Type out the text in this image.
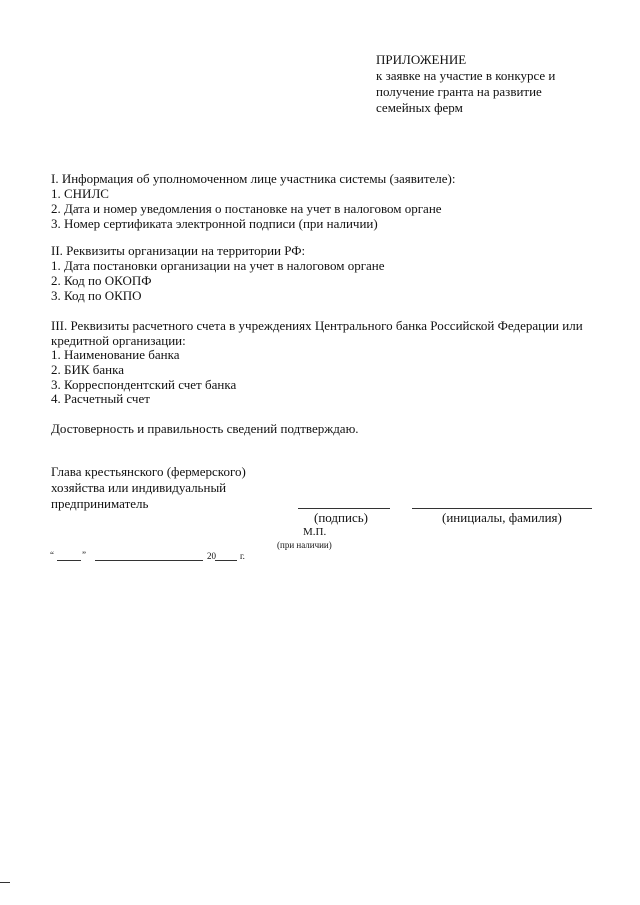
ПРИЛОЖЕНИЕ
к заявке на участие в конкурсе и
получение гранта на развитие
семейных ферм
I. Информация об уполномоченном лице участника системы (заявителе):
1. СНИЛС
2. Дата и номер уведомления о постановке на учет в налоговом органе
3. Номер сертификата электронной подписи (при наличии)
II. Реквизиты организации на территории РФ:
1. Дата постановки организации на учет в налоговом органе
2. Код по ОКОПФ
3. Код по ОКПО
III. Реквизиты расчетного счета в учреждениях Центрального банка Российской Федерации или
кредитной организации:
1. Наименование банка
2. БИК банка
3. Корреспондентский счет банка
4. Расчетный счет
Достоверность и правильность сведений подтверждаю.
Глава крестьянского (фермерского)
хозяйства или индивидуальный
предприниматель
(подпись)	(инициалы, фамилия)
М.П.
(при наличии)
“	”	20	г.
